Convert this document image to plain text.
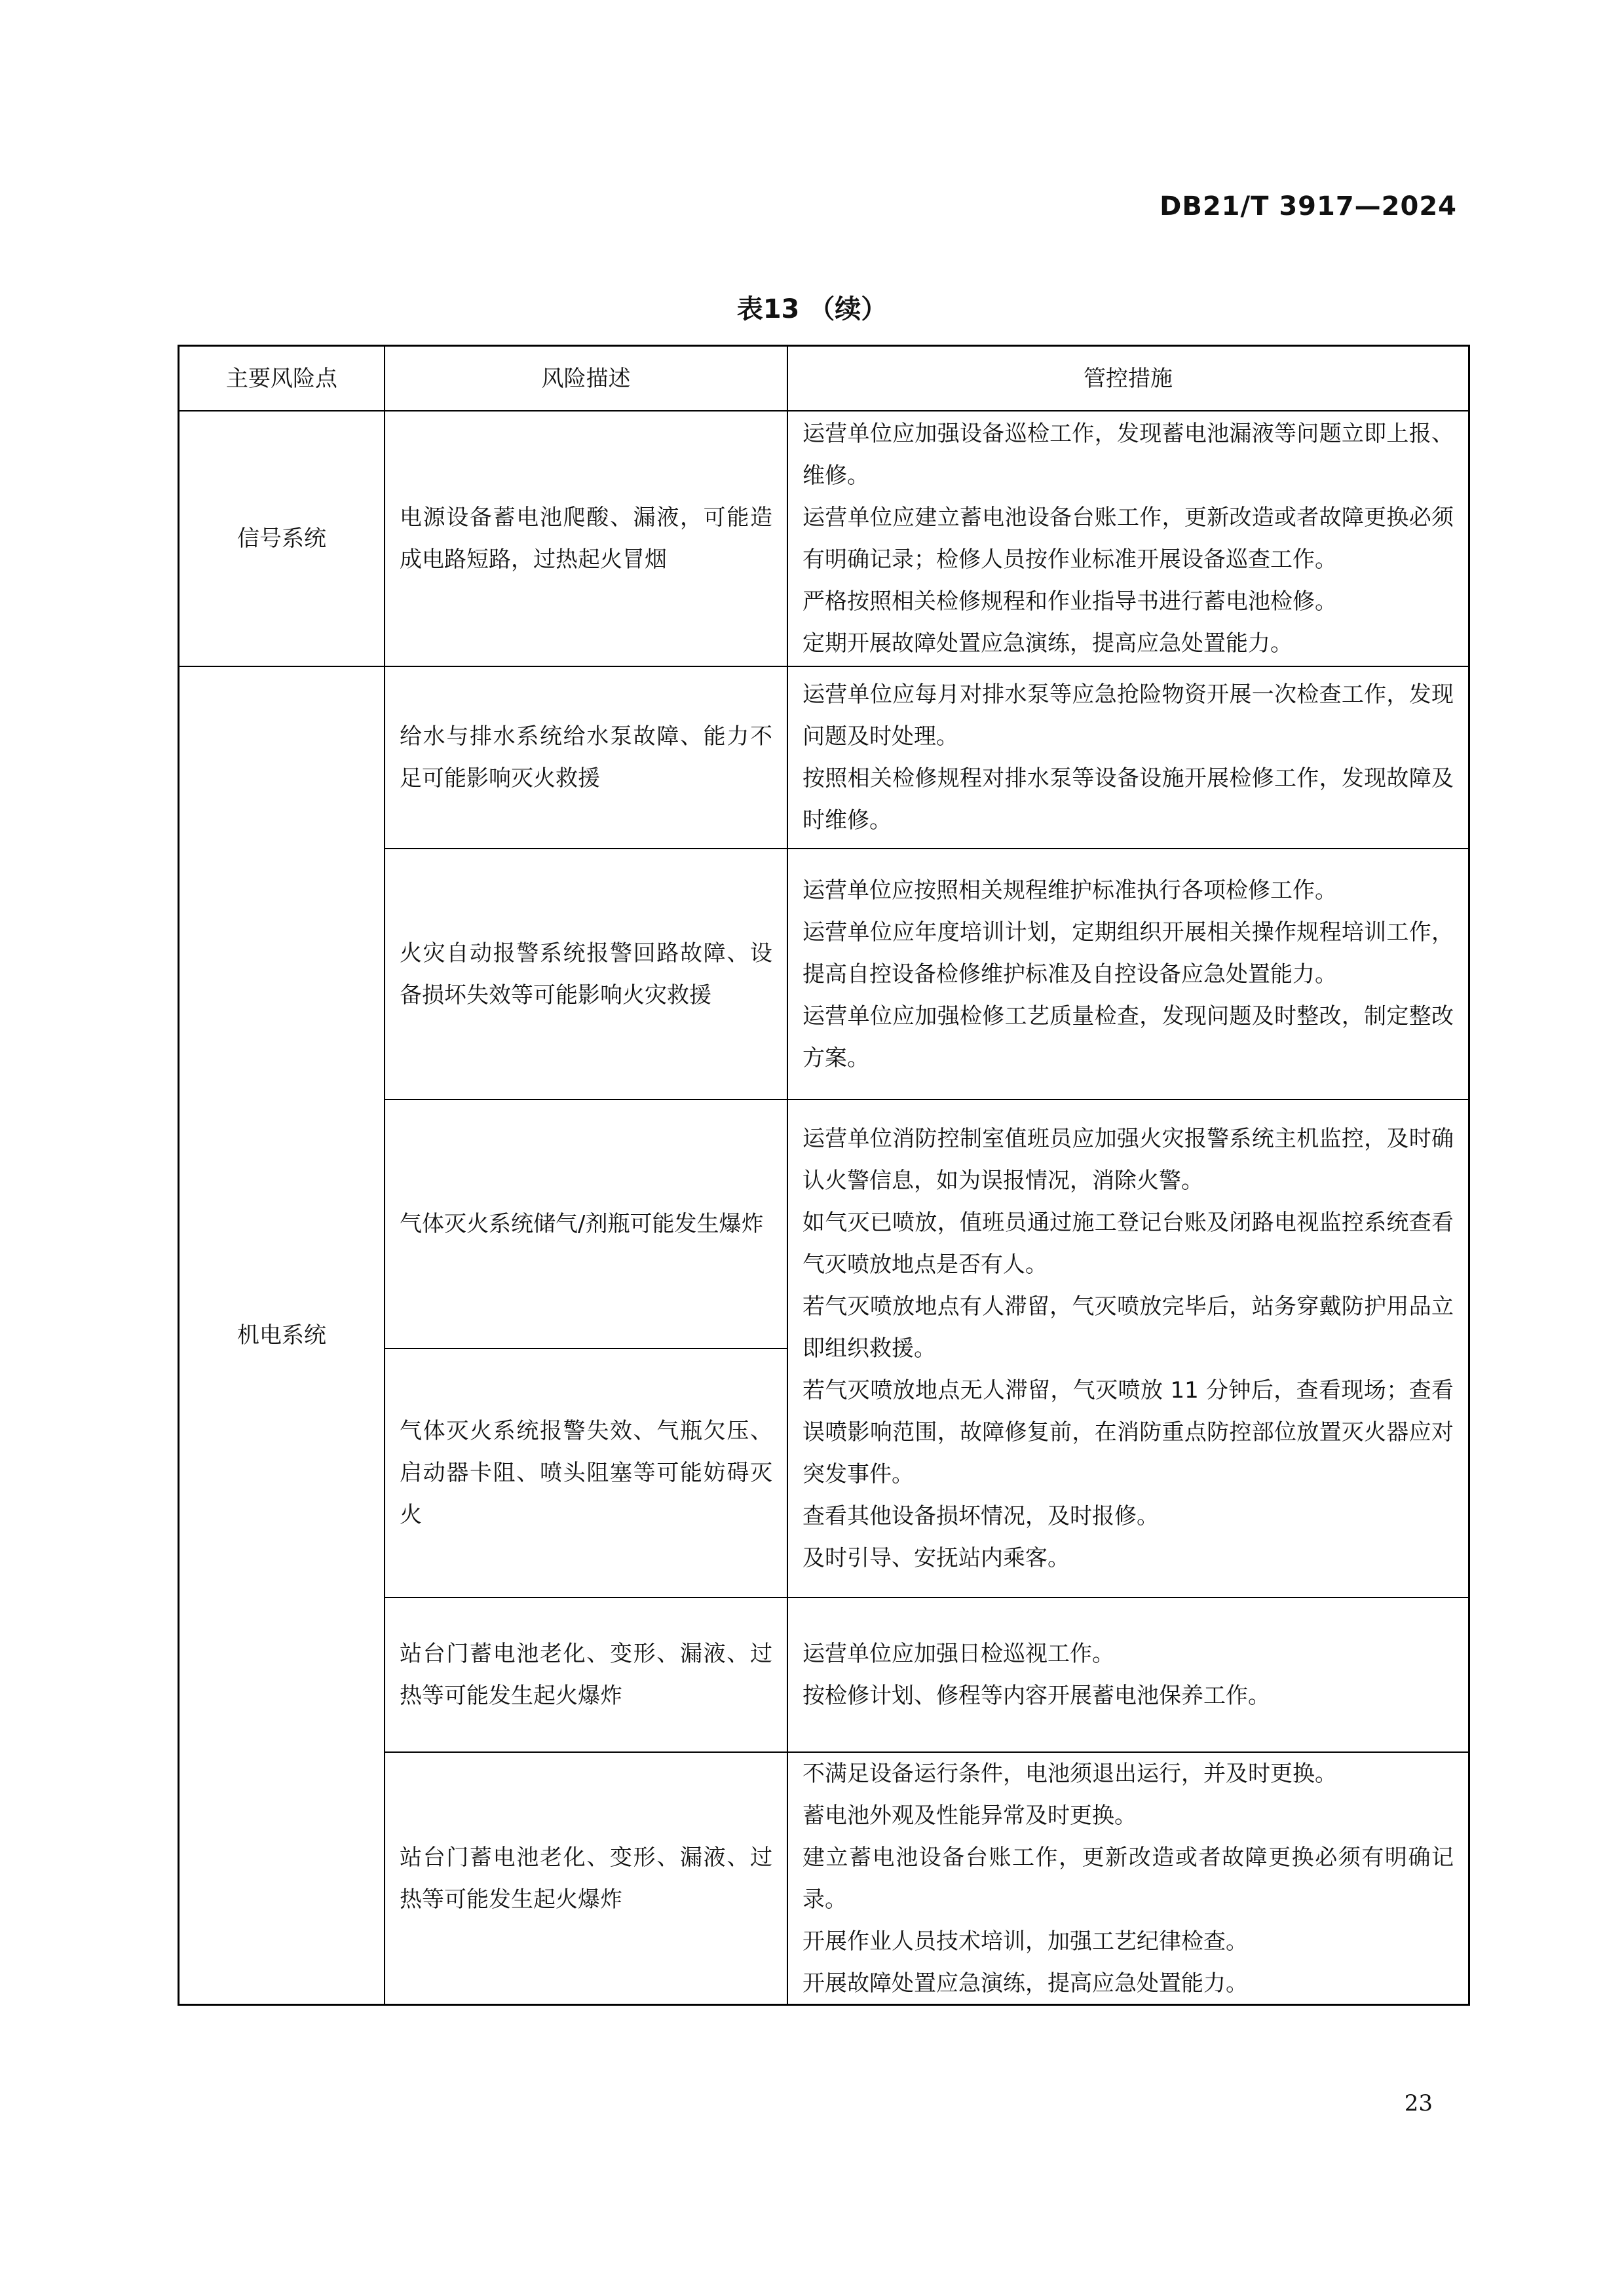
DB21/T 3917—2024
表13 （续）

主要风险点	风险描述	管控措施

信号系统

电源设备蓄电池爬酸、漏液，可能造成电路短路，过热起火冒烟

运营单位应加强设备巡检工作，发现蓄电池漏液等问题立即上报、维修。

运营单位应建立蓄电池设备台账工作，更新改造或者故障更换必须有明确记录；检修人员按作业标准开展设备巡查工作。

严格按照相关检修规程和作业指导书进行蓄电池检修。

定期开展故障处置应急演练，提高应急处置能力。

机电系统

给水与排水系统给水泵故障、能力不足可能影响灭火救援

运营单位应每月对排水泵等应急抢险物资开展一次检查工作，发现问题及时处理。

按照相关检修规程对排水泵等设备设施开展检修工作，发现故障及时维修。

火灾自动报警系统报警回路故障、设备损坏失效等可能影响火灾救援

运营单位应按照相关规程维护标准执行各项检修工作。

运营单位应年度培训计划，定期组织开展相关操作规程培训工作，提高自控设备检修维护标准及自控设备应急处置能力。

运营单位应加强检修工艺质量检查，发现问题及时整改，制定整改方案。

气体灭火系统储气/剂瓶可能发生爆炸

气体灭火系统报警失效、气瓶欠压、启动器卡阻、喷头阻塞等可能妨碍灭火

运营单位消防控制室值班员应加强火灾报警系统主机监控，及时确认火警信息，如为误报情况，消除火警。

如气灭已喷放，值班员通过施工登记台账及闭路电视监控系统查看气灭喷放地点是否有人。

若气灭喷放地点有人滞留，气灭喷放完毕后，站务穿戴防护用品立即组织救援。

若气灭喷放地点无人滞留，气灭喷放 11 分钟后，查看现场；查看误喷影响范围，故障修复前，在消防重点防控部位放置灭火器应对突发事件。

查看其他设备损坏情况，及时报修。

及时引导、安抚站内乘客。

站台门蓄电池老化、变形、漏液、过热等可能发生起火爆炸

运营单位应加强日检巡视工作。

按检修计划、修程等内容开展蓄电池保养工作。

站台门蓄电池老化、变形、漏液、过热等可能发生起火爆炸

不满足设备运行条件，电池须退出运行，并及时更换。

蓄电池外观及性能异常及时更换。

建立蓄电池设备台账工作，更新改造或者故障更换必须有明确记录。

开展作业人员技术培训，加强工艺纪律检查。

开展故障处置应急演练，提高应急处置能力。

23
